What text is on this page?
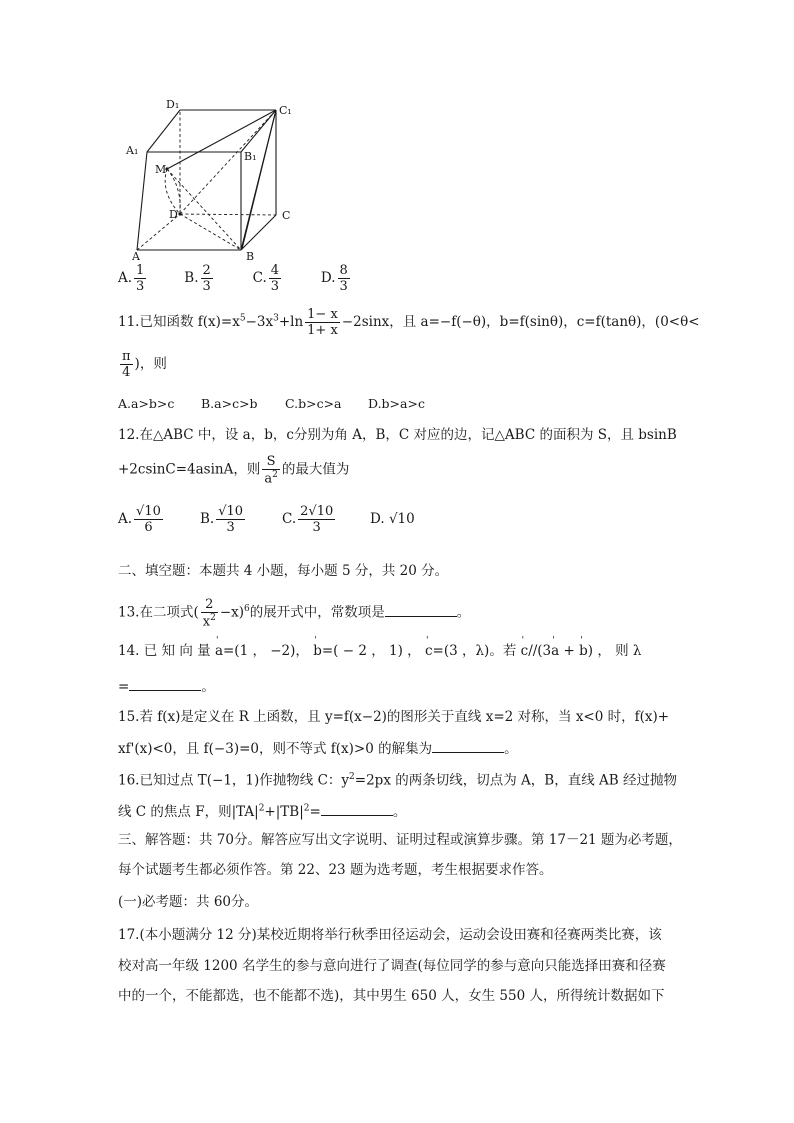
D₁	C₁
A₁	B₁
M
D	C
A	B
A. $\frac{1}{3}$	B. $\frac{2}{3}$	C. $\frac{4}{3}$	D. $\frac{8}{3}$
11.已知函数 $f(x)=x^5-3x^3+\ln \frac{1- x}{1+ x} -2\sin x$，且 a=−f(−θ)，b=f(sinθ)，c=f(tanθ)，(0<θ<
$\frac{\pi}{4}$ )，则
A.a>b>c B.a>c>b C.b>c>a D.b>a>c
12.在△ABC 中，设 a，b，c分别为角 A，B，C 对应的边，记△ABC 的面积为 S，且 bsinB
+2csinC=4asinA，则 $\frac{S}{a^2}$ 的最大值为
A. $\frac{√10}{6}$	B. $\frac{√10}{3}$	C. $\frac{2√10}{3}$	D. √10
二、填空题：本题共 4 小题，每小题 5 分，共 20 分。
13.在二项式( $\frac{2}{x^2} -x)^6$的展开式中，常数项是	。
14. 已 知 向 量 ' a=(1 ， −2)， ' b=( − 2 ， 1) ， ' c=(3 ，λ)。若 ' c//(3' a + ' b) ， 则 λ
=	。
15.若 f(x)是定义在 R 上函数，且 y=f(x−2)的图形关于直线 x=2 对称，当 x<0 时，f(x)+
xf'(x)<0，且 f(−3)=0，则不等式 f(x)>0 的解集为	。
16.已知过点 T(−1，1)作抛物线 C：$y^2=2px$ 的两条切线，切点为 A，B，直线 AB 经过抛物
线 C 的焦点 F，则$|TA|^2+|TB|^2=$	。
三、解答题：共 70分。解答应写出文字说明、证明过程或演算步骤。第 17－21 题为必考题，
每个试题考生都必须作答。第 22、23 题为选考题，考生根据要求作答。
(一)必考题：共 60分。
17.(本小题满分 12 分)某校近期将举行秋季田径运动会，运动会设田赛和径赛两类比赛，该
校对高一年级 1200 名学生的参与意向进行了调查(每位同学的参与意向只能选择田赛和径赛
中的一个，不能都选，也不能都不选)，其中男生 650 人，女生 550 人，所得统计数据如下
